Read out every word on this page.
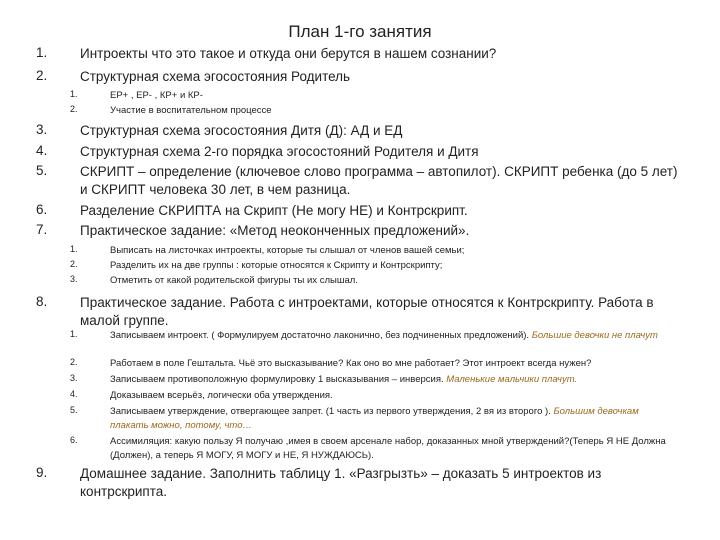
План 1-го занятия
1. Интроекты что это такое и откуда они берутся в нашем сознании?
2. Структурная схема эгосостояния Родитель
1.	ЕР+ , ЕР- , КР+ и КР-
2.	Участие в воспитательном процессе
3. Структурная схема эгосостояния Дитя (Д): АД и ЕД
4. Структурная схема 2-го порядка эгосостояний Родителя и Дитя
5. СКРИПТ – определение (ключевое слово программа – автопилот). СКРИПТ ребенка (до 5 лет) и СКРИПТ человека 30 лет, в чем разница.
6. Разделение СКРИПТА на Скрипт (Не могу НЕ) и Контрскрипт.
7. Практическое задание: «Метод неоконченных предложений».
1.	Выписать на листочках интроекты, которые ты слышал от членов вашей семьи;
2.	Разделить их на две группы : которые относятся к Скрипту и Контрскрипту;
3.	Отметить от какой родительской фигуры ты их слышал.
8. Практическое задание. Работа с интроектами, которые относятся к Контрскрипту. Работа в малой группе.
1.	Записываем интроект. ( Формулируем достаточно лаконично, без подчиненных предложений). Большие девочки не плачут
2.	Работаем в поле Гештальта. Чьё это высказывание? Как оно во мне работает? Этот интроект всегда нужен?
3.	Записываем противоположную формулировку 1 высказывания – инверсия. Маленькие мальчики плачут.
4.	Доказываем всерьёз, логически оба утверждения.
5.	Записываем утверждение, отвергающее запрет. (1 часть из первого утверждения, 2 вя из второго ). Большим девочкам плакать можно, потому, что…
6.	Ассимиляция: какую пользу Я получаю ,имея в своем арсенале набор, доказанных мной утверждений?(Теперь Я НЕ Должна (Должен), а теперь Я МОГУ, Я МОГУ и НЕ, Я НУЖДАЮСЬ).
9. Домашнее задание. Заполнить таблицу 1. «Разгрызть» – доказать 5 интроектов из контрскрипта.
